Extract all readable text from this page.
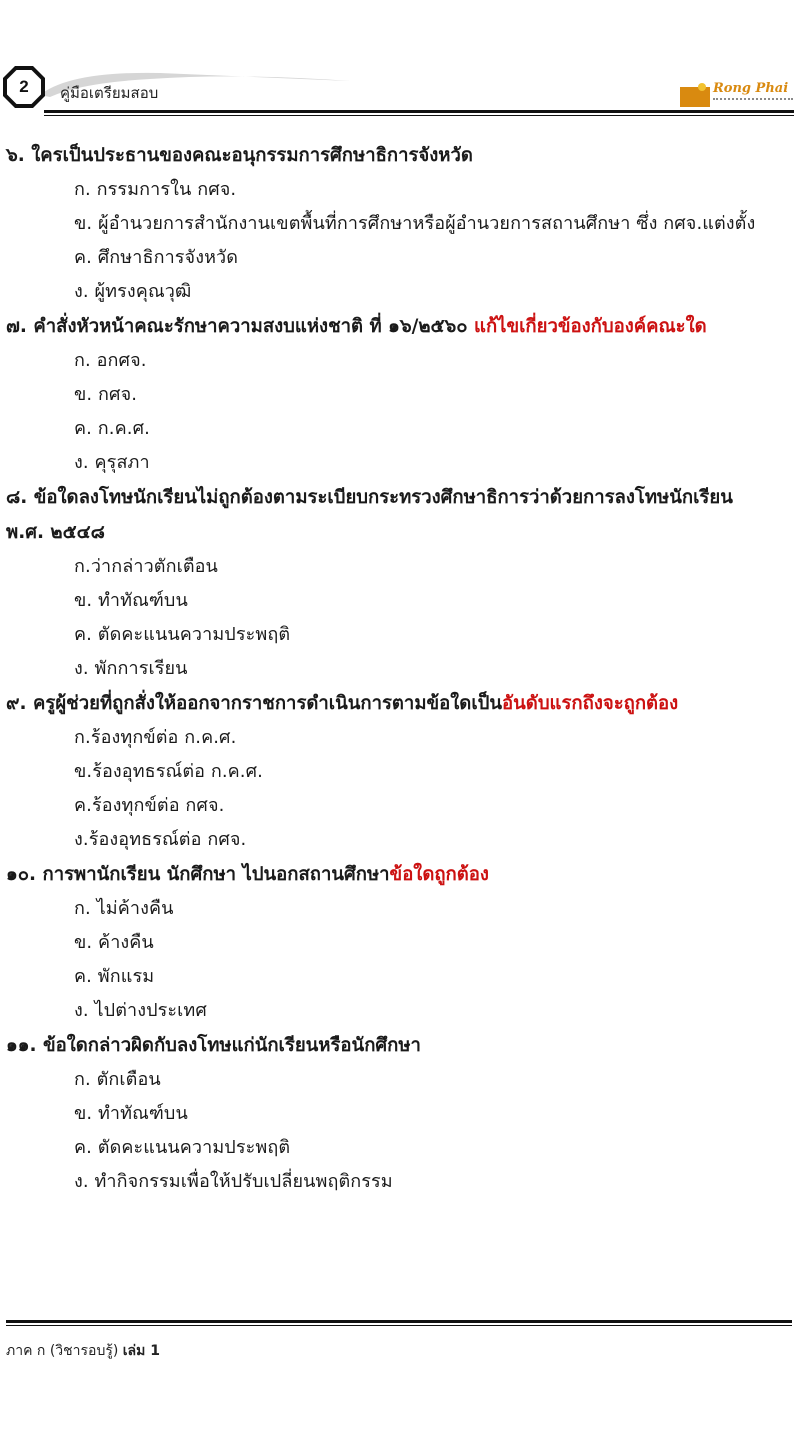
2	คู่มือเตรียมสอบ	Rong Phai
๖. ใครเป็นประธานของคณะอนุกรรมการศึกษาธิการจังหวัด
ก. กรรมการใน กศจ.
ข. ผู้อำนวยการสำนักงานเขตพื้นที่การศึกษาหรือผู้อำนวยการสถานศึกษา ซึ่ง กศจ.แต่งตั้ง
ค. ศึกษาธิการจังหวัด
ง. ผู้ทรงคุณวุฒิ
๗. คำสั่งหัวหน้าคณะรักษาความสงบแห่งชาติ ที่ ๑๖/๒๕๖๐ แก้ไขเกี่ยวข้องกับองค์คณะใด
ก. อกศจ.
ข. กศจ.
ค. ก.ค.ศ.
ง. คุรุสภา
๘. ข้อใดลงโทษนักเรียนไม่ถูกต้องตามระเบียบกระทรวงศึกษาธิการว่าด้วยการลงโทษนักเรียน พ.ศ. ๒๕๔๘
ก.ว่ากล่าวตักเตือน
ข. ทำทัณฑ์บน
ค. ตัดคะแนนความประพฤติ
ง. พักการเรียน
๙. ครูผู้ช่วยที่ถูกสั่งให้ออกจากราชการดำเนินการตามข้อใดเป็นอันดับแรกถึงจะถูกต้อง
ก.ร้องทุกข์ต่อ ก.ค.ศ.
ข.ร้องอุทธรณ์ต่อ ก.ค.ศ.
ค.ร้องทุกข์ต่อ กศจ.
ง.ร้องอุทธรณ์ต่อ กศจ.
๑๐. การพานักเรียน นักศึกษา ไปนอกสถานศึกษาข้อใดถูกต้อง
ก. ไม่ค้างคืน
ข. ค้างคืน
ค. พักแรม
ง. ไปต่างประเทศ
๑๑. ข้อใดกล่าวผิดกับลงโทษแก่นักเรียนหรือนักศึกษา
ก. ตักเตือน
ข. ทำทัณฑ์บน
ค. ตัดคะแนนความประพฤติ
ง. ทำกิจกรรมเพื่อให้ปรับเปลี่ยนพฤติกรรม
ภาค ก (วิชารอบรู้) เล่ม 1
